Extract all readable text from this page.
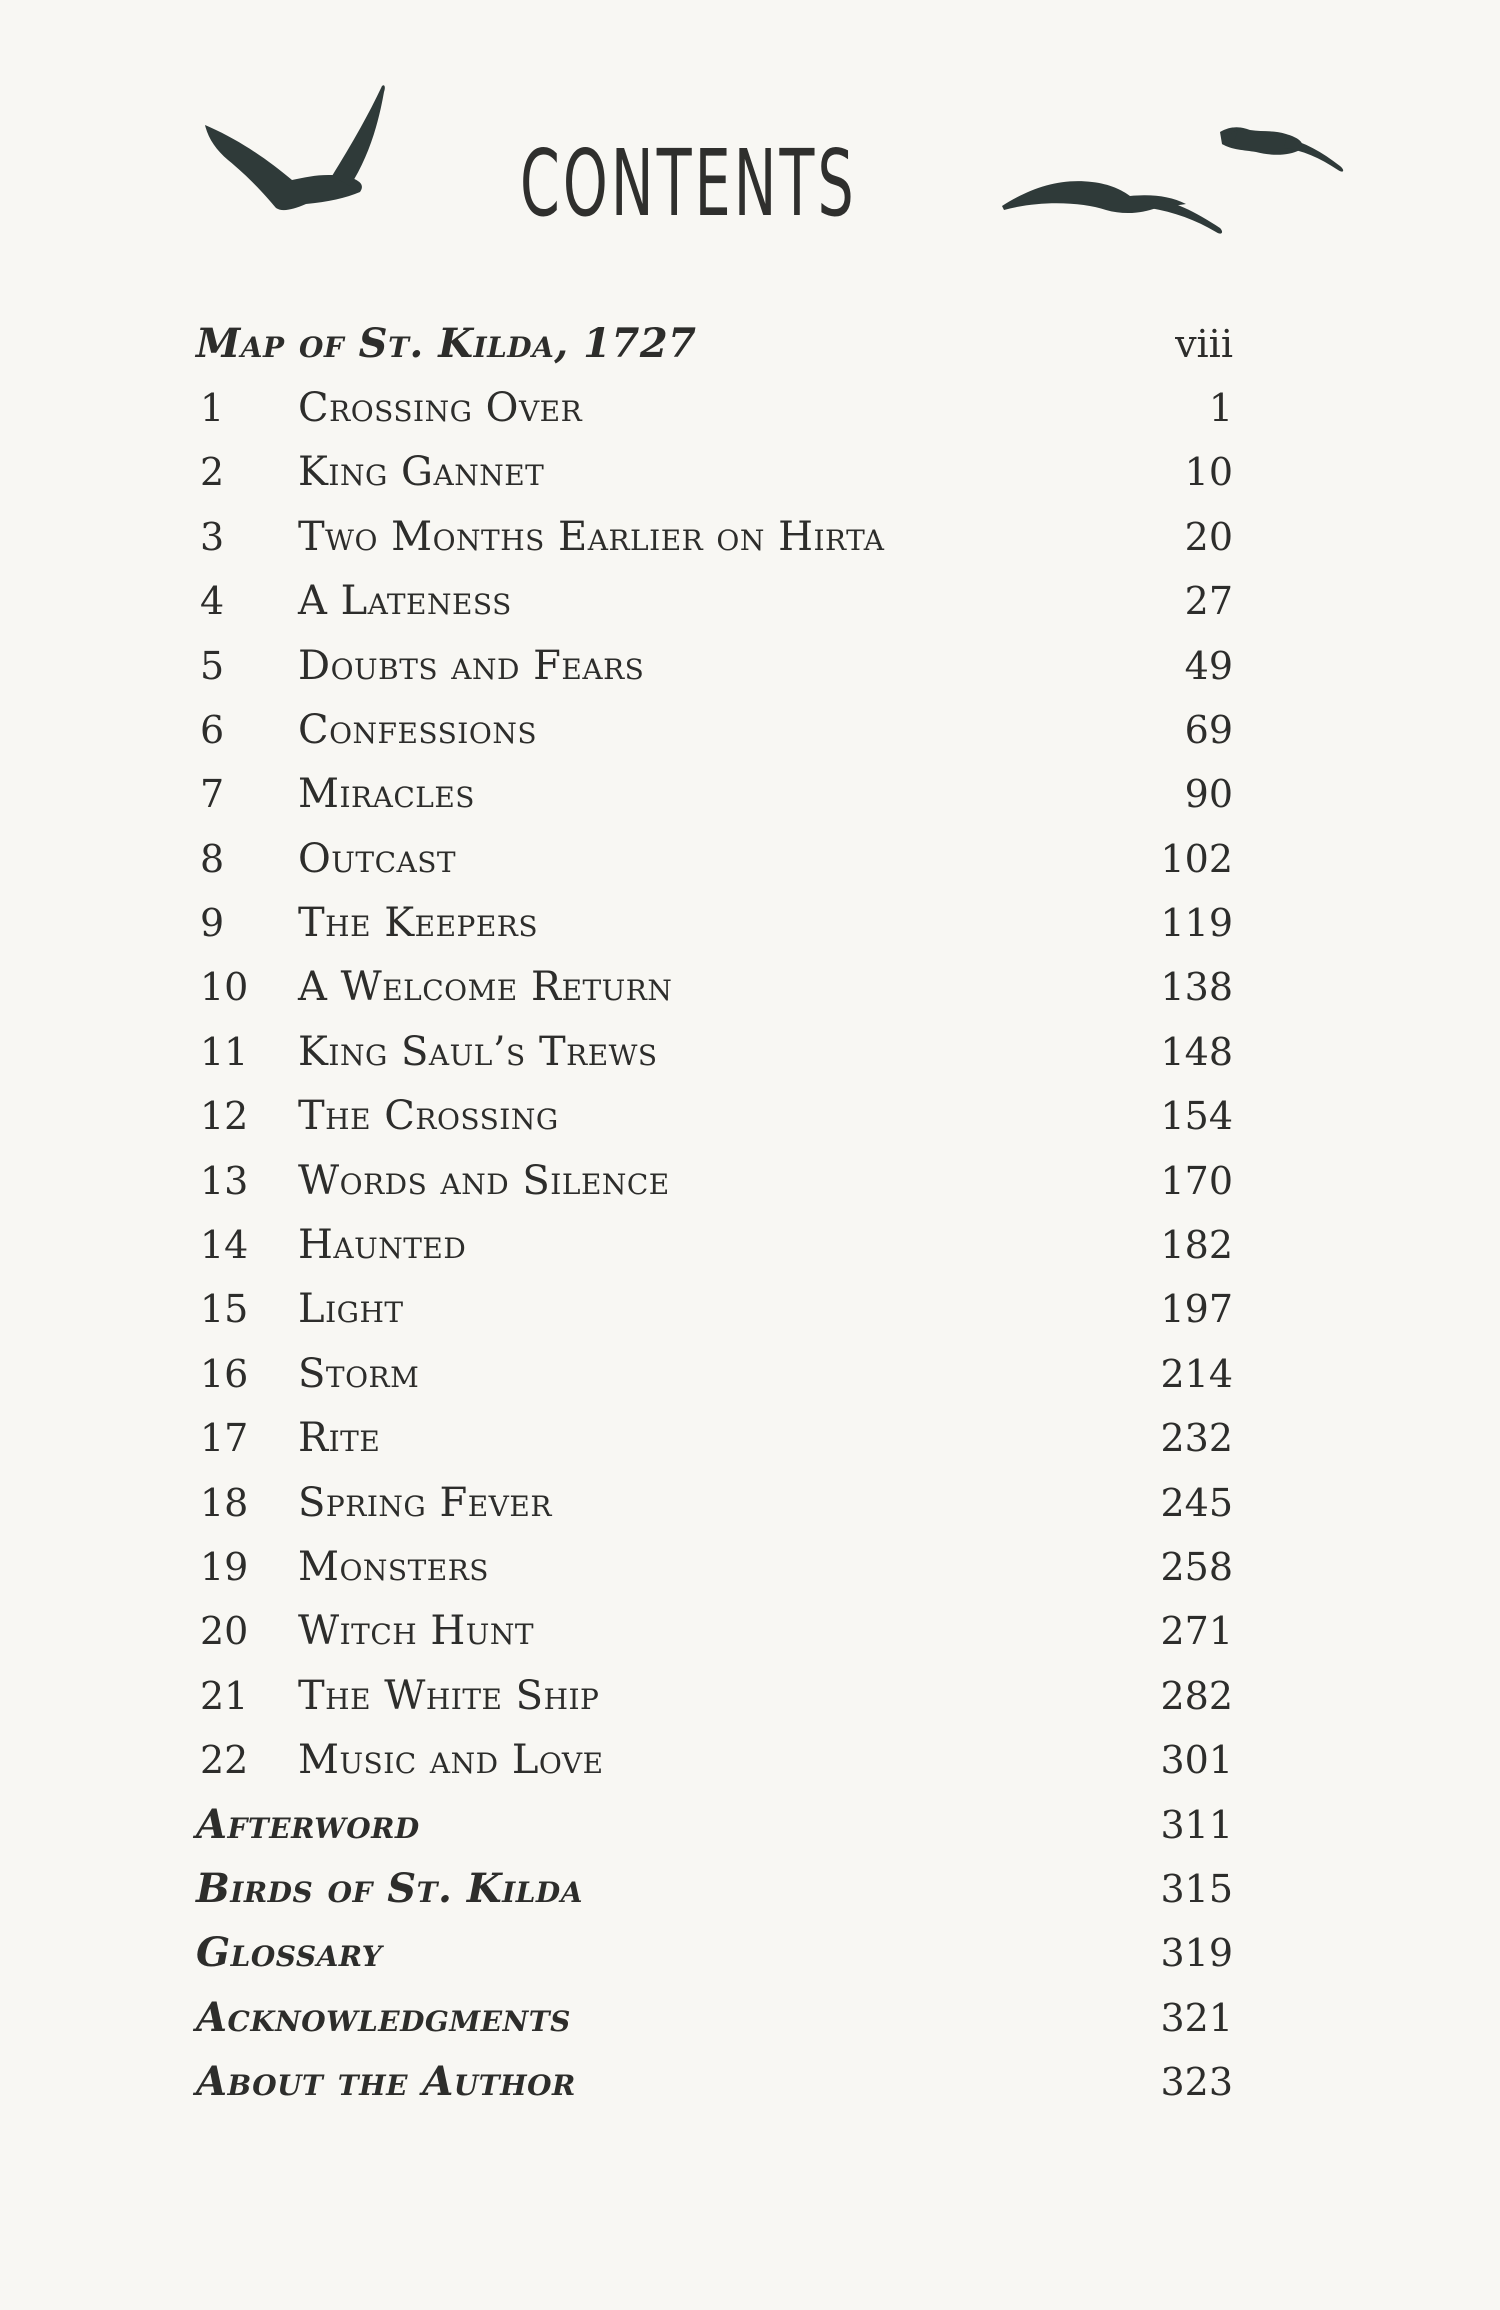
CONTENTS
Map of St. Kilda, 1727	viii
1 Crossing Over	1
2 King Gannet	10
3 Two Months Earlier on Hirta	20
4 A Lateness	27
5 Doubts and Fears	49
6 Confessions	69
7 Miracles	90
8 Outcast	102
9 The Keepers	119
10 A Welcome Return	138
11 King Saul’s Trews	148
12 The Crossing	154
13 Words and Silence	170
14 Haunted	182
15 Light	197
16 Storm	214
17 Rite	232
18 Spring Fever	245
19 Monsters	258
20 Witch Hunt	271
21 The White Ship	282
22 Music and Love	301
Afterword	311
Birds of St. Kilda	315
Glossary	319
Acknowledgments	321
About the Author	323
